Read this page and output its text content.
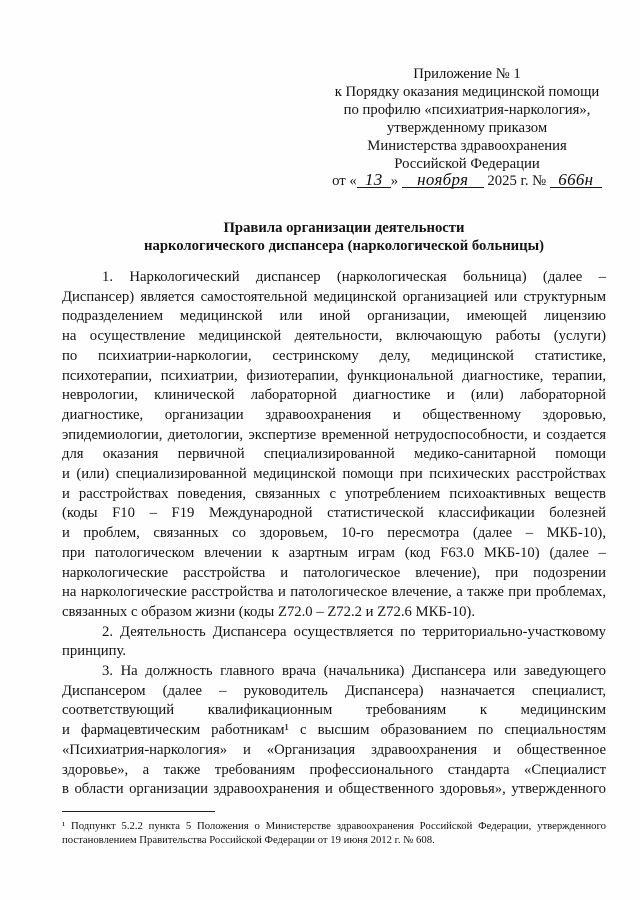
Приложение № 1
к Порядку оказания медицинской помощи
по профилю «психиатрия-наркология»,
утвержденному приказом
Министерства здравоохранения
Российской Федерации
от « 13 » ноября 2025 г. № 666н
Правила организации деятельности
наркологического диспансера (наркологической больницы)
1. Наркологический диспансер (наркологическая больница) (далее –
Диспансер) является самостоятельной медицинской организацией или структурным
подразделением медицинской или иной организации, имеющей лицензию
на осуществление медицинской деятельности, включающую работы (услуги)
по психиатрии-наркологии, сестринскому делу, медицинской статистике,
психотерапии, психиатрии, физиотерапии, функциональной диагностике, терапии,
неврологии, клинической лабораторной диагностике и (или) лабораторной
диагностике, организации здравоохранения и общественному здоровью,
эпидемиологии, диетологии, экспертизе временной нетрудоспособности, и создается
для оказания первичной специализированной медико-санитарной помощи
и (или) специализированной медицинской помощи при психических расстройствах
и расстройствах поведения, связанных с употреблением психоактивных веществ
(коды F10 – F19 Международной статистической классификации болезней
и проблем, связанных со здоровьем, 10-го пересмотра (далее – МКБ-10),
при патологическом влечении к азартным играм (код F63.0 МКБ-10) (далее –
наркологические расстройства и патологическое влечение), при подозрении
на наркологические расстройства и патологическое влечение, а также при проблемах,
связанных с образом жизни (коды Z72.0 – Z72.2 и Z72.6 МКБ-10).
2. Деятельность Диспансера осуществляется по территориально-участковому
принципу.
3. На должность главного врача (начальника) Диспансера или заведующего
Диспансером (далее – руководитель Диспансера) назначается специалист,
соответствующий квалификационным требованиям к медицинским
и фармацевтическим работникам¹ с высшим образованием по специальностям
«Психиатрия-наркология» и «Организация здравоохранения и общественное
здоровье», а также требованиям профессионального стандарта «Специалист
в области организации здравоохранения и общественного здоровья», утвержденного
¹ Подпункт 5.2.2 пункта 5 Положения о Министерстве здравоохранения Российской Федерации, утвержденного
постановлением Правительства Российской Федерации от 19 июня 2012 г. № 608.
